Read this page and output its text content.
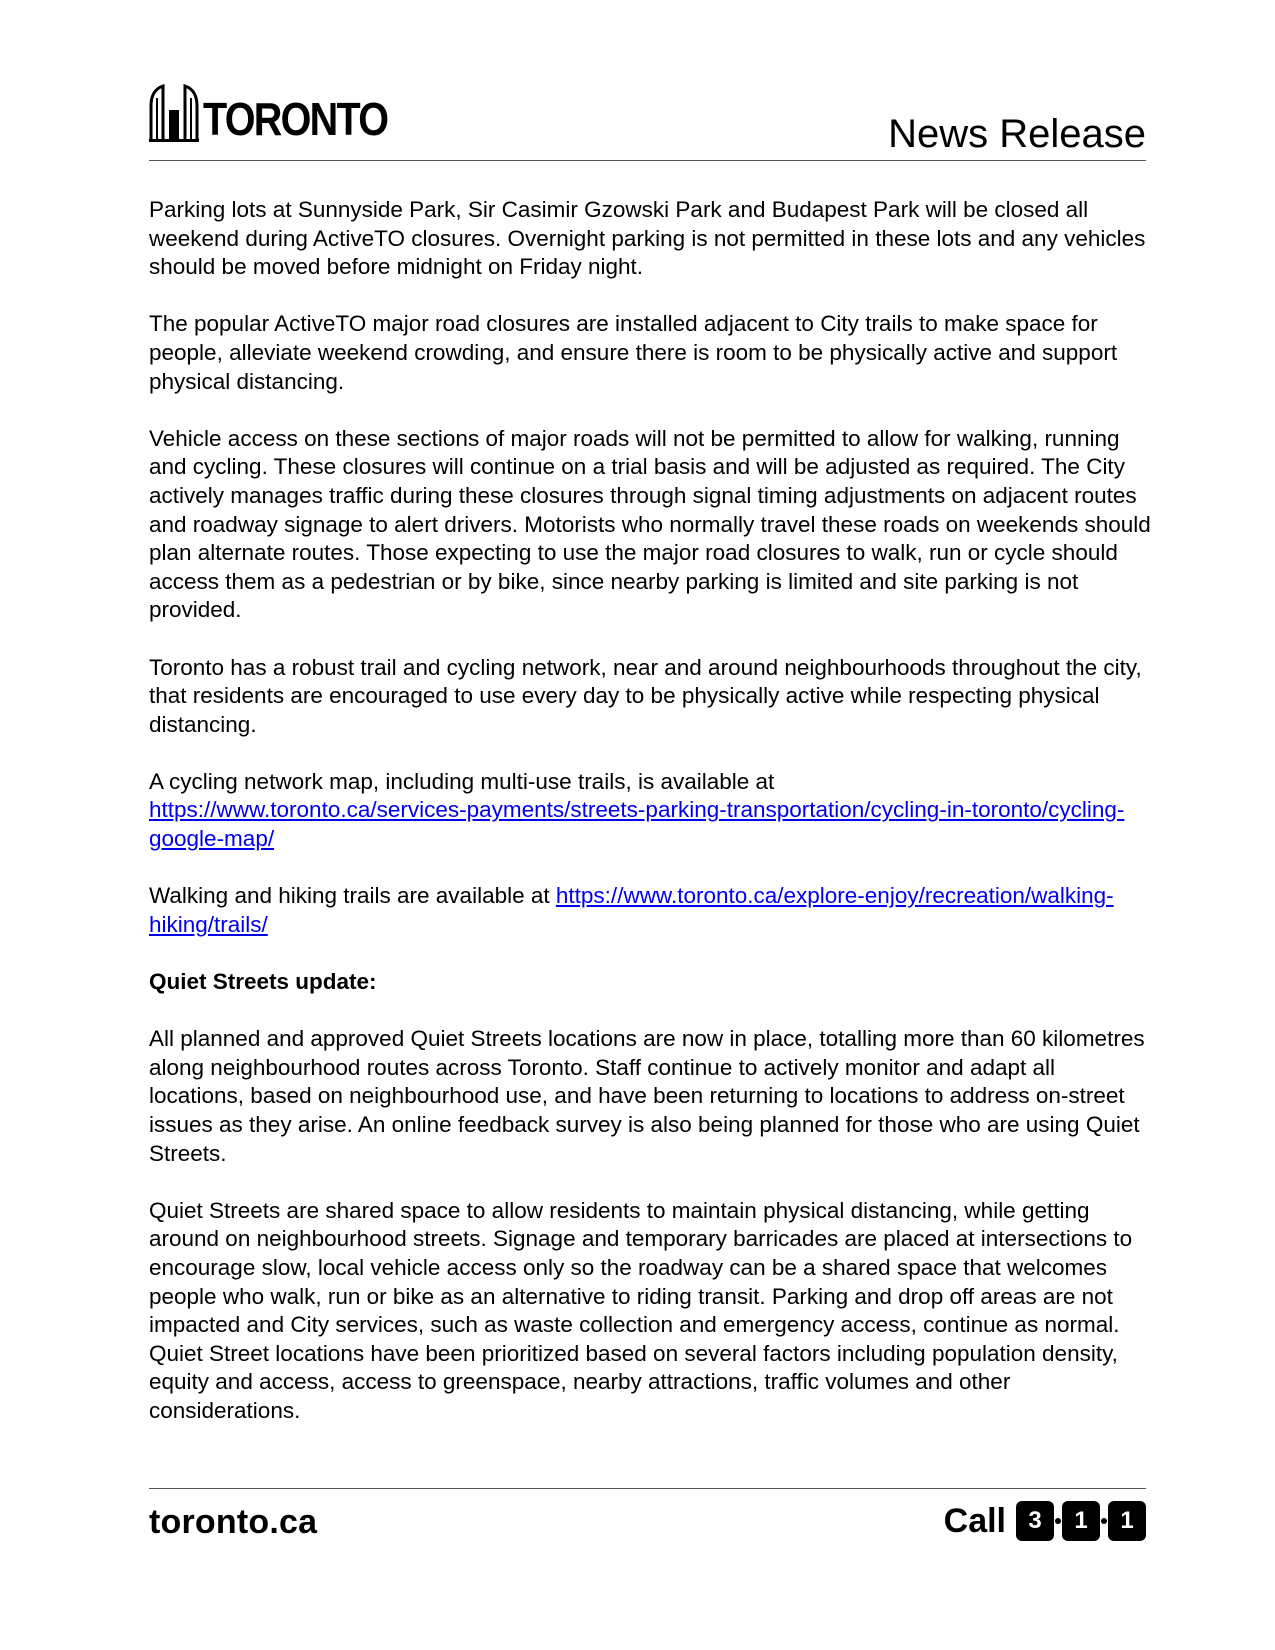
TORONTO	News Release

Parking lots at Sunnyside Park, Sir Casimir Gzowski Park and Budapest Park will be closed all weekend during ActiveTO closures. Overnight parking is not permitted in these lots and any vehicles should be moved before midnight on Friday night.

The popular ActiveTO major road closures are installed adjacent to City trails to make space for people, alleviate weekend crowding, and ensure there is room to be physically active and support physical distancing.

Vehicle access on these sections of major roads will not be permitted to allow for walking, running and cycling. These closures will continue on a trial basis and will be adjusted as required. The City actively manages traffic during these closures through signal timing adjustments on adjacent routes and roadway signage to alert drivers. Motorists who normally travel these roads on weekends should plan alternate routes. Those expecting to use the major road closures to walk, run or cycle should access them as a pedestrian or by bike, since nearby parking is limited and site parking is not provided.

Toronto has a robust trail and cycling network, near and around neighbourhoods throughout the city, that residents are encouraged to use every day to be physically active while respecting physical distancing.

A cycling network map, including multi-use trails, is available at
https://www.toronto.ca/services-payments/streets-parking-transportation/cycling-in-toronto/cycling-google-map/

Walking and hiking trails are available at https://www.toronto.ca/explore-enjoy/recreation/walking-hiking/trails/

Quiet Streets update:

All planned and approved Quiet Streets locations are now in place, totalling more than 60 kilometres along neighbourhood routes across Toronto. Staff continue to actively monitor and adapt all locations, based on neighbourhood use, and have been returning to locations to address on-street issues as they arise. An online feedback survey is also being planned for those who are using Quiet Streets.

Quiet Streets are shared space to allow residents to maintain physical distancing, while getting around on neighbourhood streets. Signage and temporary barricades are placed at intersections to encourage slow, local vehicle access only so the roadway can be a shared space that welcomes people who walk, run or bike as an alternative to riding transit. Parking and drop off areas are not impacted and City services, such as waste collection and emergency access, continue as normal. Quiet Street locations have been prioritized based on several factors including population density, equity and access, access to greenspace, nearby attractions, traffic volumes and other considerations.

toronto.ca	Call 3	1	1
